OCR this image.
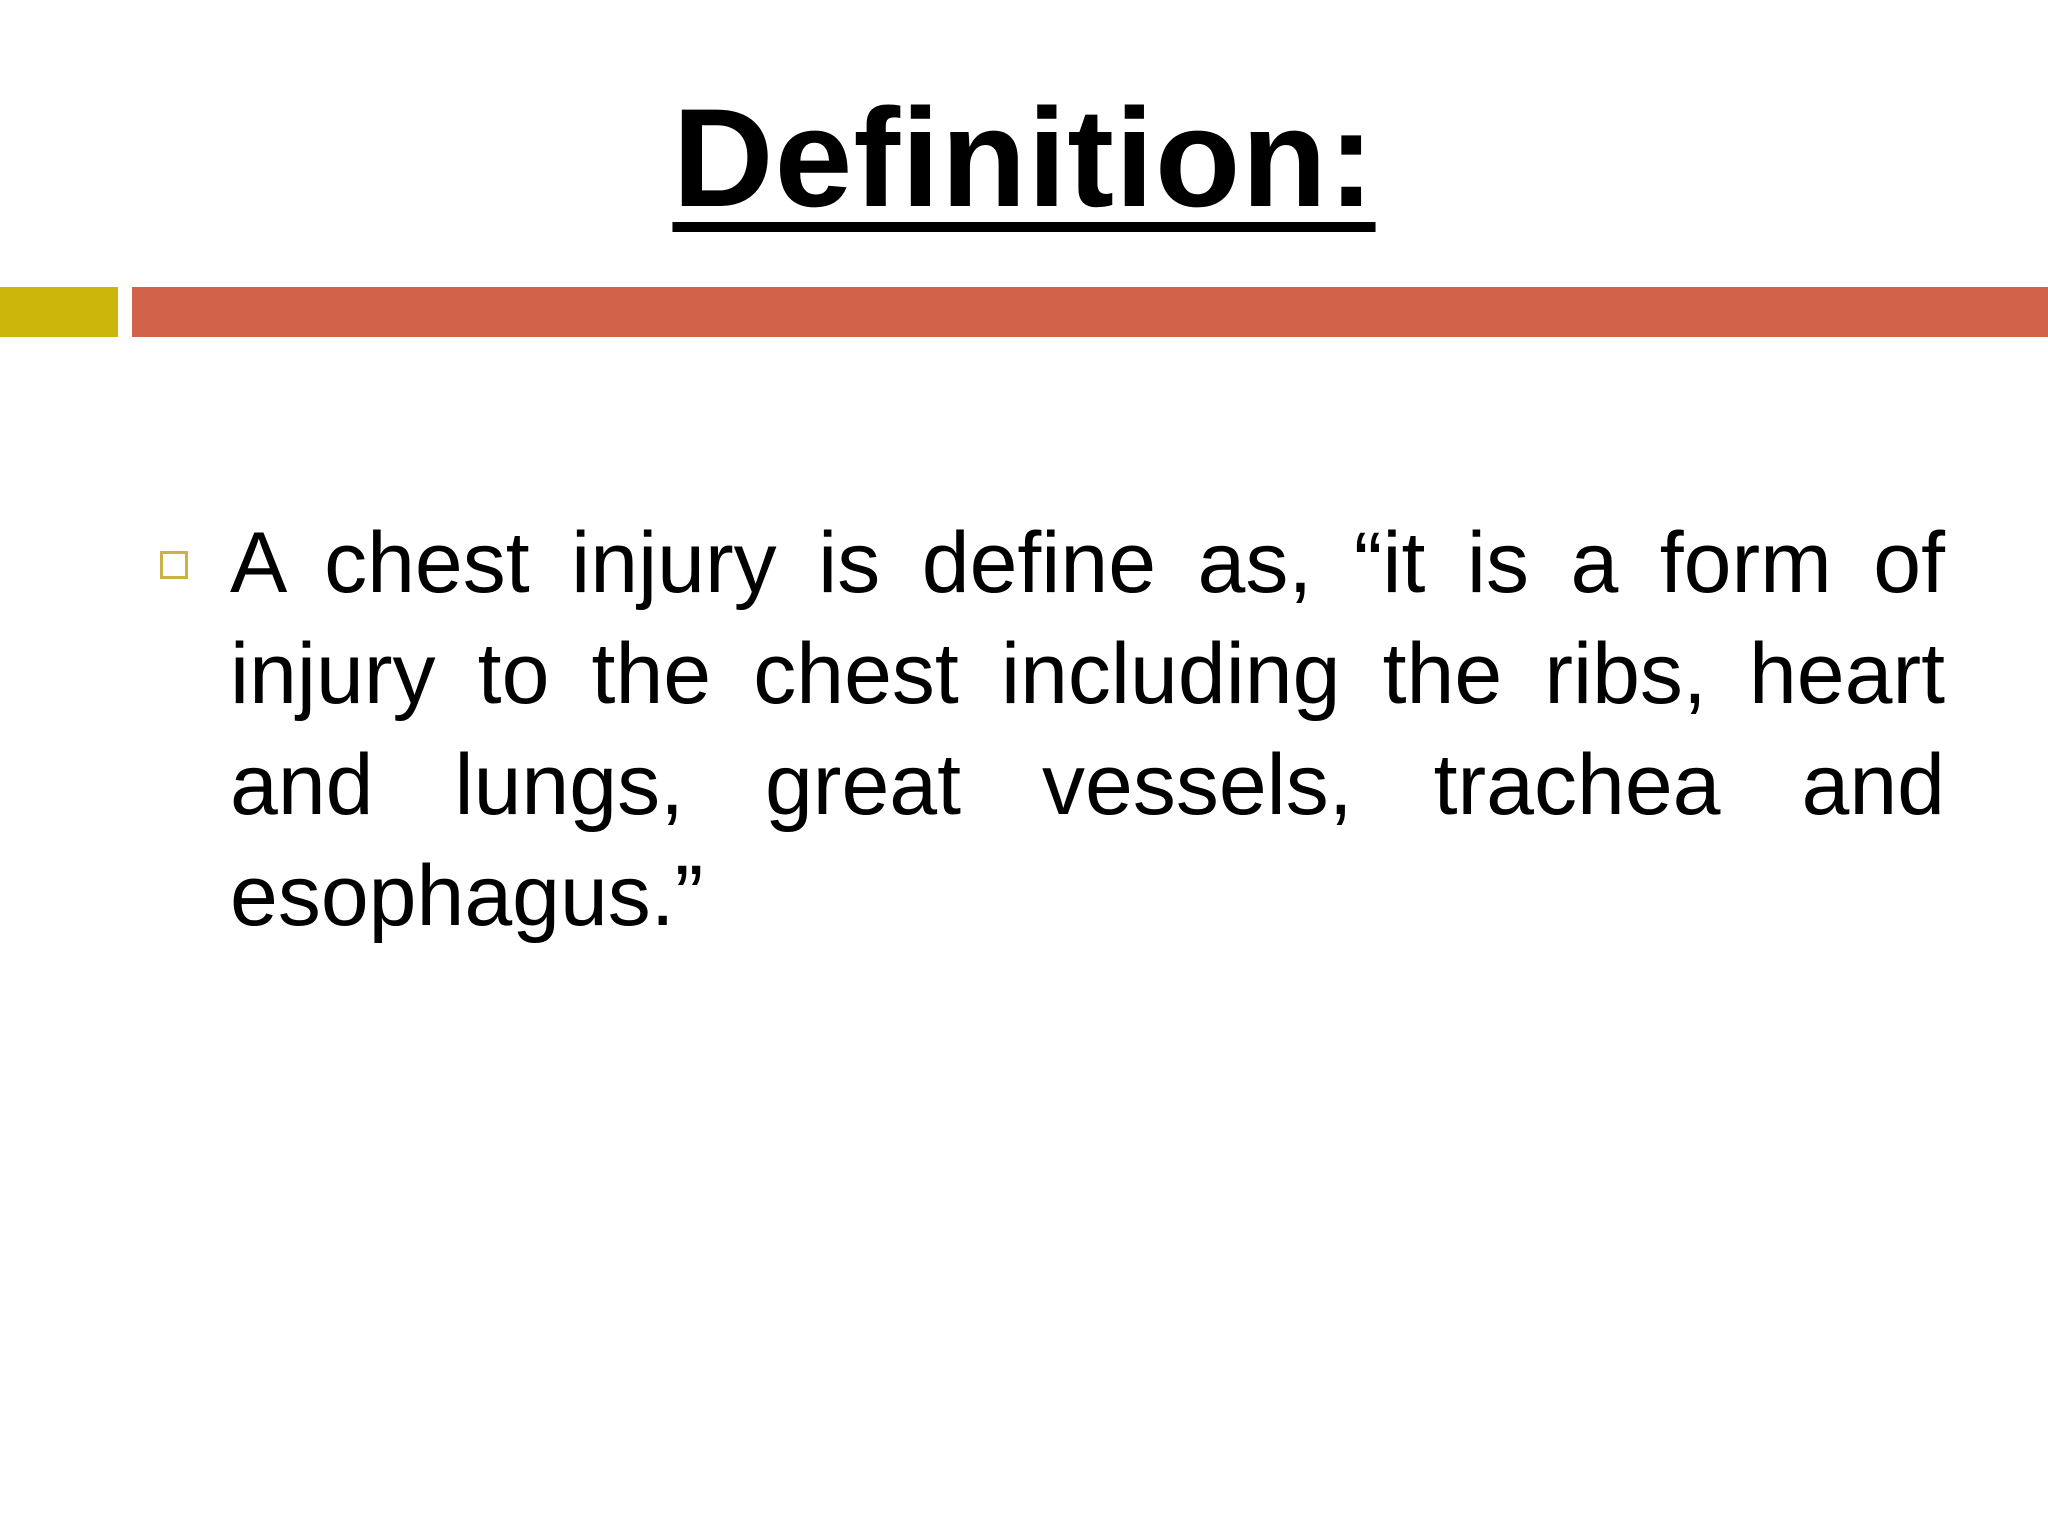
Definition:
A chest injury is define as, “it is a form of injury to the chest including the ribs, heart and lungs, great vessels, trachea and esophagus.”
